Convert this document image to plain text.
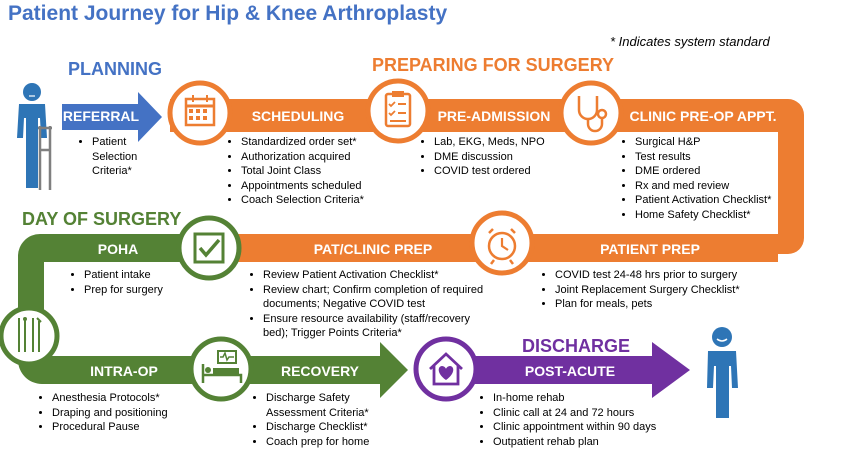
Patient Journey for Hip & Knee Arthroplasty
* Indicates system standard
PLANNING	PREPARING FOR SURGERY
DAY OF SURGERY
DISCHARGE
REFERRAL	SCHEDULING	PRE-ADMISSION	CLINIC PRE-OP APPT.
PATIENT PREP
PAT/CLINIC PREP
POHA
INTRA-OP	RECOVERY	POST-ACUTE
• Patient Selection Criteria*
• Standardized order set*
• Authorization acquired
• Total Joint Class
• Appointments scheduled
• Coach Selection Criteria*
• Lab, EKG, Meds, NPO
• DME discussion
• COVID test ordered
• Surgical H&P
• Test results
• DME ordered
• Rx and med review
• Patient Activation Checklist*
• Home Safety Checklist*
• COVID test 24-48 hrs prior to surgery
• Joint Replacement Surgery Checklist*
• Plan for meals, pets
• Review Patient Activation Checklist*
• Review chart; Confirm completion of required documents; Negative COVID test
• Ensure resource availability (staff/recovery bed); Trigger Points Criteria*
• Patient intake
• Prep for surgery
• Anesthesia Protocols*
• Draping and positioning
• Procedural Pause
• Discharge Safety Assessment Criteria*
• Discharge Checklist*
• Coach prep for home
• In-home rehab
• Clinic call at 24 and 72 hours
• Clinic appointment within 90 days
• Outpatient rehab plan
